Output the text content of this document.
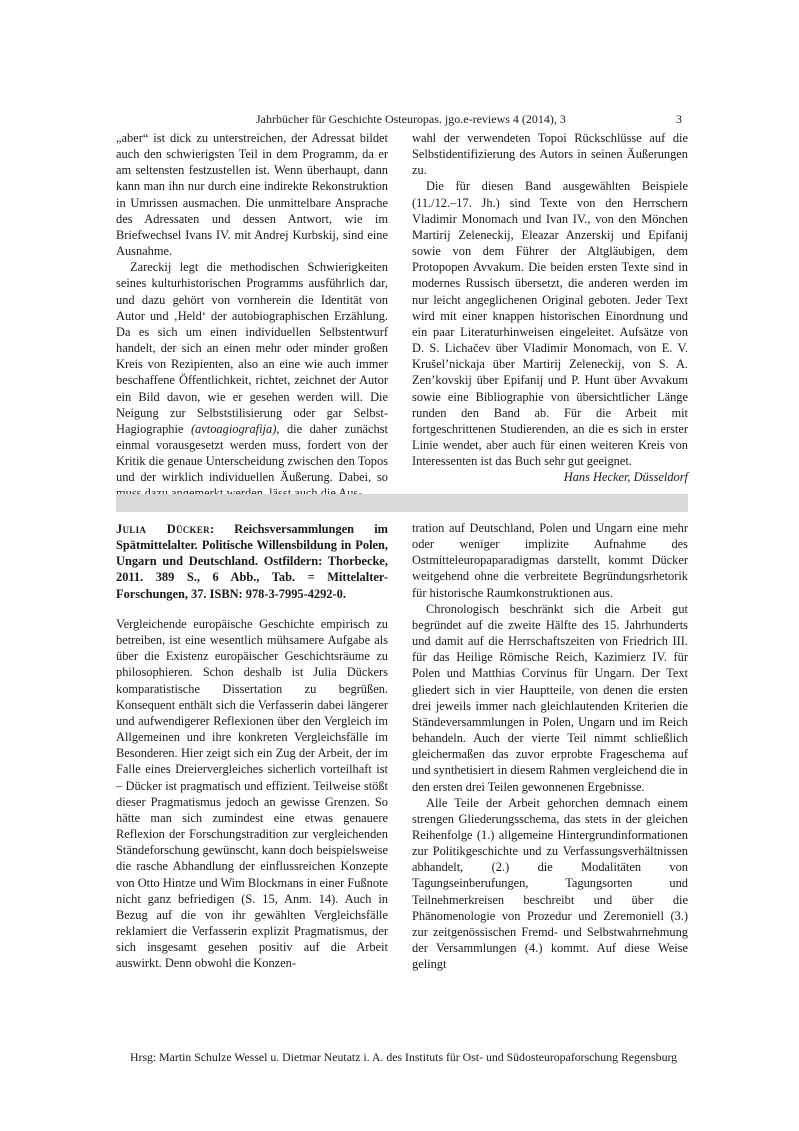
Jahrbücher für Geschichte Osteuropas. jgo.e-reviews 4 (2014), 3	3

„aber“ ist dick zu unterstreichen, der Adressat bildet auch den schwierigsten Teil in dem Programm, da er am seltensten festzustellen ist. Wenn überhaupt, dann kann man ihn nur durch eine indirekte Rekonstruktion in Umrissen ausmachen. Die unmittelbare Ansprache des Adressaten und dessen Antwort, wie im Briefwechsel Ivans IV. mit Andrej Kurbskij, sind eine Ausnahme.

Zareckij legt die methodischen Schwierigkeiten seines kulturhistorischen Programms ausführlich dar, und dazu gehört von vornherein die Identität von Autor und ‚Held‘ der autobiographischen Erzählung. Da es sich um einen individuellen Selbstentwurf handelt, der sich an einen mehr oder minder großen Kreis von Rezipienten, also an eine wie auch immer beschaffene Öffentlichkeit, richtet, zeichnet der Autor ein Bild davon, wie er gesehen werden will. Die Neigung zur Selbststilisierung oder gar Selbst-Hagiographie (avtoagiografija), die daher zunächst einmal vorausgesetzt werden muss, fordert von der Kritik die genaue Unterscheidung zwischen den Topos und der wirklich individuellen Äußerung. Dabei, so

wahl der verwendeten Topoi Rückschlüsse auf die Selbstidentifizierung des Autors in seinen Äußerungen zu.

Die für diesen Band ausgewählten Beispiele (11./12.–17. Jh.) sind Texte von den Herrschern Vladimir Monomach und Ivan IV., von den Mönchen Martirij Zeleneckij, Eleazar Anzerskij und Epifanij sowie von dem Führer der Altgläubigen, dem Protopopen Avvakum. Die beiden ersten Texte sind in modernes Russisch übersetzt, die anderen werden im nur leicht angeglichenen Original geboten. Jeder Text wird mit einer knappen historischen Einordnung und ein paar Literaturhinweisen eingeleitet. Aufsätze von D. S. Lichačev über Vladimir Monomach, von E. V. Krušel’nickaja über Martirij Zeleneckij, von S. A. Zen’kovskij über Epifanij und P. Hunt über Avvakum sowie eine Bibliographie von übersichtlicher Länge runden den Band ab. Für die Arbeit mit fortgeschrittenen Studierenden, an die es sich in erster Linie wendet, aber auch für einen weiteren Kreis von Interessenten ist das Buch sehr gut geeignet.

Hans Hecker, Düsseldorf

Julia Dücker: Reichsversammlungen im Spätmittelalter. Politische Willensbildung in Polen, Ungarn und Deutschland. Ostfildern: Thorbecke, 2011. 389 S., 6 Abb., Tab. = Mittelalter-Forschungen, 37. ISBN: 978-3-7995-4292-0.

Vergleichende europäische Geschichte empirisch zu betreiben, ist eine wesentlich mühsamere Aufgabe als über die Existenz europäischer Geschichtsräume zu philosophieren. Schon deshalb ist Julia Dückers komparatistische Dissertation zu begrüßen. Konsequent enthält sich die Verfasserin dabei längerer und aufwendigerer Reflexionen über den Vergleich im Allgemeinen und ihre konkreten Vergleichsfälle im Besonderen. Hier zeigt sich ein Zug der Arbeit, der im Falle eines Dreiervergleiches sicherlich vorteilhaft ist – Dücker ist pragmatisch und effizient. Teilweise stößt dieser Pragmatismus jedoch an gewisse Grenzen. So hätte man sich zumindest eine etwas genauere Reflexion der Forschungstradition zur vergleichenden Ständeforschung gewünscht, kann doch beispielsweise die rasche Abhandlung der einflussreichen Konzepte von Otto Hintze und Wim Blockmans in einer Fußnote nicht ganz befriedigen (S. 15, Anm. 14). Auch in Bezug auf die von ihr gewählten Vergleichsfälle reklamiert die Verfasserin explizit Pragmatismus, der sich insgesamt gesehen positiv auf die Arbeit auswirkt. Denn obwohl die Konzen-

tration auf Deutschland, Polen und Ungarn eine mehr oder weniger implizite Aufnahme des Ostmitteleuropaparadigmas darstellt, kommt Dücker weitgehend ohne die verbreitete Begründungsrhetorik für historische Raumkonstruktionen aus.

Chronologisch beschränkt sich die Arbeit gut begründet auf die zweite Hälfte des 15. Jahrhunderts und damit auf die Herrschaftszeiten von Friedrich III. für das Heilige Römische Reich, Kazimierz IV. für Polen und Matthias Corvinus für Ungarn. Der Text gliedert sich in vier Hauptteile, von denen die ersten drei jeweils immer nach gleichlautenden Kriterien die Ständeversammlungen in Polen, Ungarn und im Reich behandeln. Auch der vierte Teil nimmt schließlich gleichermaßen das zuvor erprobte Frageschema auf und synthetisiert in diesem Rahmen vergleichend die in den ersten drei Teilen gewonnenen Ergebnisse.

Alle Teile der Arbeit gehorchen demnach einem strengen Gliederungsschema, das stets in der gleichen Reihenfolge (1.) allgemeine Hintergrundinformationen zur Politikgeschichte und zu Verfassungsverhältnissen abhandelt, (2.) die Modalitäten von Tagungseinberufungen, Tagungsorten und Teilnehmerkreisen beschreibt und über die Phänomenologie von Prozedur und Zeremoniell (3.) zur zeitgenössischen Fremd- und Selbstwahrnehmung der Versammlungen (4.) kommt. Auf diese Weise gelingt

Hrsg: Martin Schulze Wessel u. Dietmar Neutatz i. A. des Instituts für Ost- und Südosteuropaforschung Regensburg
